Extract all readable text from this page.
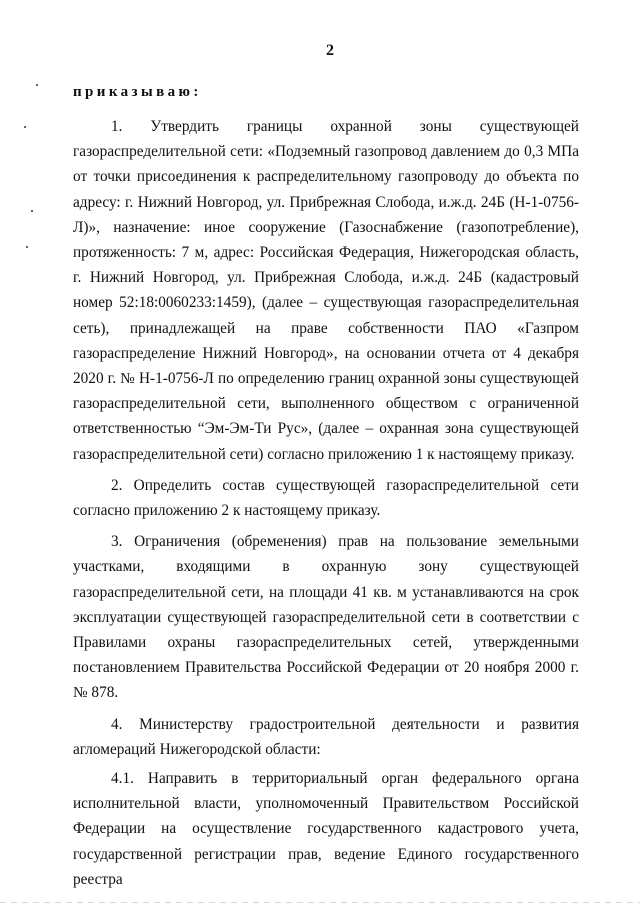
2
приказываю:

1. Утвердить границы охранной зоны существующей газораспределительной сети: «Подземный газопровод давлением до 0,3 МПа от точки присоединения к распределительному газопроводу до объекта по адресу: г. Нижний Новгород, ул. Прибрежная Слобода, и.ж.д. 24Б (Н-1-0756-Л)», назначение: иное сооружение (Газоснабжение (газопотребление), протяженность: 7 м, адрес: Российская Федерация, Нижегородская область, г. Нижний Новгород, ул. Прибрежная Слобода, и.ж.д. 24Б (кадастровый номер 52:18:0060233:1459), (далее – существующая газораспределительная сеть), принадлежащей на праве собственности ПАО «Газпром газораспределение Нижний Новгород», на основании отчета от 4 декабря 2020 г. № Н-1-0756-Л по определению границ охранной зоны существующей газораспределительной сети, выполненного обществом с ограниченной ответственностью “Эм-Эм-Ти Рус», (далее – охранная зона существующей газораспределительной сети) согласно приложению 1 к настоящему приказу.

2. Определить состав существующей газораспределительной сети согласно приложению 2 к настоящему приказу.

3. Ограничения (обременения) прав на пользование земельными участками, входящими в охранную зону существующей газораспределительной сети, на площади 41 кв. м устанавливаются на срок эксплуатации существующей газораспределительной сети в соответствии с Правилами охраны газораспределительных сетей, утвержденными постановлением Правительства Российской Федерации от 20 ноября 2000 г. № 878.

4. Министерству градостроительной деятельности и развития агломераций Нижегородской области:

4.1. Направить в территориальный орган федерального органа исполнительной власти, уполномоченный Правительством Российской Федерации на осуществление государственного кадастрового учета, государственной регистрации прав, ведение Единого государственного реестра
